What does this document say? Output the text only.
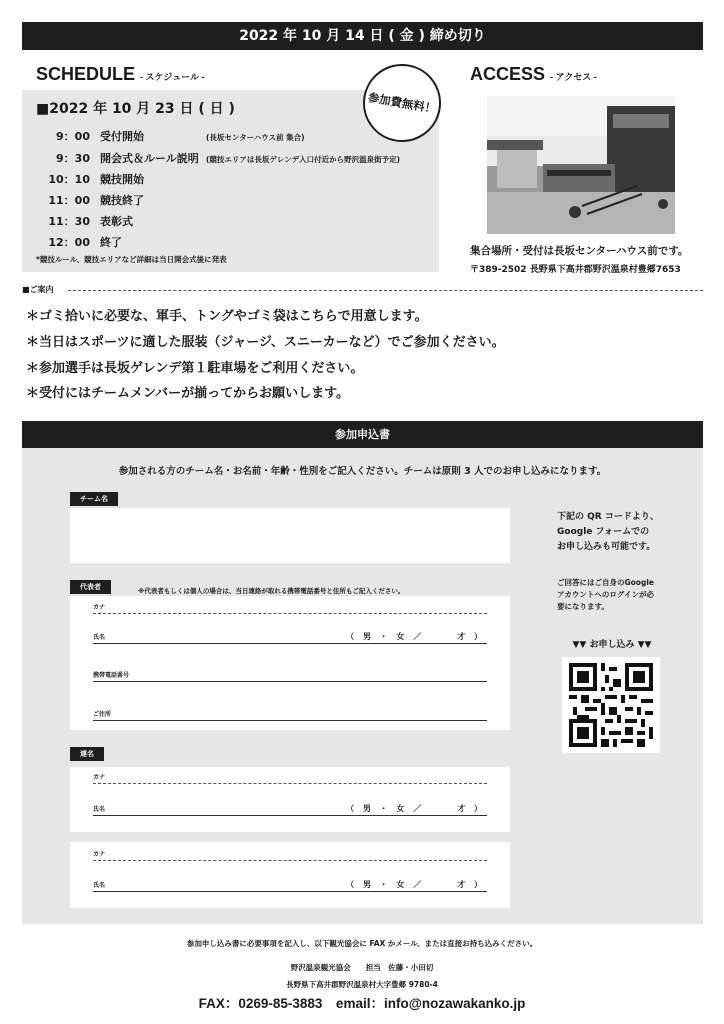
2022 年 10 月 14 日 ( 金 ) 締め切り
SCHEDULE - スケジュール -
■2022 年 10 月 23 日 ( 日 )
9：00 受付開始	(長坂センターハウス前 集合)
9：30 開会式＆ルール説明 (競技エリアは長坂ゲレンデ入口付近から野沢温泉街予定)
10：10 競技開始
11：00 競技終了
11：30 表彰式
12：00 終了
*競技ルール、競技エリアなど詳細は当日開会式後に発表
参加費無料！
ACCESS - アクセス -
集合場所・受付は長坂センターハウス前です。
〒389-2502 長野県下高井郡野沢温泉村豊郷7653
■ご案内
＊ゴミ拾いに必要な、軍手、トングやゴミ袋はこちらで用意します。
＊当日はスポーツに適した服装（ジャージ、スニーカーなど）でご参加ください。
＊参加選手は長坂ゲレンデ第１駐車場をご利用ください。
＊受付にはチームメンバーが揃ってからお願いします。
参加申込書
参加される方のチーム名・お名前・年齢・性別をご記入ください。チームは原則 3 人でのお申し込みになります。
チーム名
代表者	※代表者もしくは個人の場合は、当日連絡が取れる携帯電話番号と住所もご記入ください。
カナ
氏名	（ 男 ・ 女 ／　　　才 ）
携帯電話番号
ご住所
連名
カナ
氏名	（ 男 ・ 女 ／　　　才 ）
カナ
氏名	（ 男 ・ 女 ／　　　才 ）
下記の QR コードより、
Google フォームでの
お申し込みも可能です。
ご回答にはご自身のGoogle
アカウントへのログインが必
要になります。
▼▼ お申し込み ▼▼
参加申し込み書に必要事項を記入し、以下観光協会に FAX かメール、または直接お持ち込みください。
野沢温泉観光協会　　担当　佐藤・小田切
長野県下高井郡野沢温泉村大字豊郷 9780-4
FAX：0269-85-3883　email：info@nozawakanko.jp
